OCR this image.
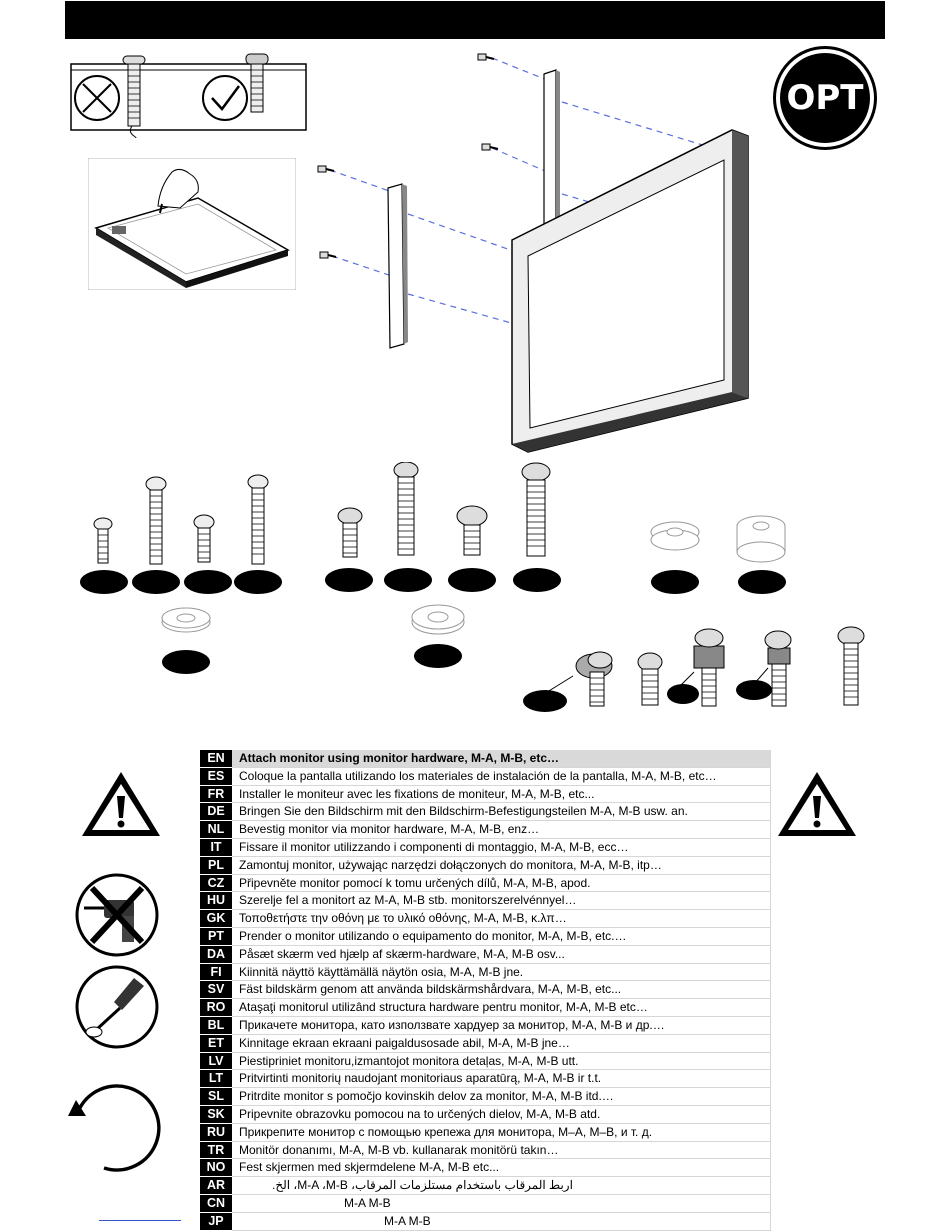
OPT
EN	Attach monitor using monitor hardware, M-A, M-B, etc…
ES	Coloque la pantalla utilizando los materiales de instalación de la pantalla, M-A, M-B, etc…
FR	Installer le moniteur avec les fixations de moniteur, M-A, M-B, etc...
DE	Bringen Sie den Bildschirm mit den Bildschirm-Befestigungsteilen M-A, M-B usw. an.
NL	Bevestig monitor via monitor hardware, M-A, M-B, enz…
IT	Fissare il monitor utilizzando i componenti di montaggio, M-A, M-B, ecc…
PL	Zamontuj monitor, używając narzędzi dołączonych do monitora, M-A, M-B, itp…
CZ	Připevněte monitor pomocí k tomu určených dílů, M-A, M-B, apod.
HU	Szerelje fel a monitort az M-A, M-B stb. monitorszerelvénnyel…
GK	Τοποθετήστε την οθόνη με το υλικό οθόνης, M-A, M-B, κ.λπ…
PT	Prender o monitor utilizando o equipamento do monitor, M-A, M-B, etc.…
DA	Påsæt skærm ved hjælp af skærm-hardware, M-A, M-B osv...
FI	Kiinnitä näyttö käyttämällä näytön osia, M-A, M-B jne.
SV	Fäst bildskärm genom att använda bildskärmshårdvara, M-A, M-B, etc...
RO	Ataşaţi monitorul utilizând structura hardware pentru monitor, M-A, M-B etc…
BL	Прикачете монитора, като използвате хардуер за монитор, M-A, M-B и др.…
ET	Kinnitage ekraan ekraani paigaldusosade abil, M-A, M-B jne…
LV	Piestipriniet monitoru,izmantojot monitora detaļas, M-A, M-B utt.
LT	Pritvirtinti monitorių naudojant monitoriaus aparatūrą, M-A, M-B ir t.t.
SL	Pritrdite monitor s pomočjo kovinskih delov za monitor, M-A, M-B itd.…
SK	Pripevnite obrazovku pomocou na to určených dielov, M-A, M-B atd.
RU	Прикрепите монитор с помощью крепежа для монитора, M–A, M–B, и т. д.
TR	Monitör donanımı, M-A, M-B vb. kullanarak monitörü takın…
NO	Fest skjermen med skjermdelene M-A, M-B etc...
AR	اربط المرقاب باستخدام مستلزمات المرقاب، M-A ،M-B، الخ.
CN	M-A M-B
JP	M-A M-B
